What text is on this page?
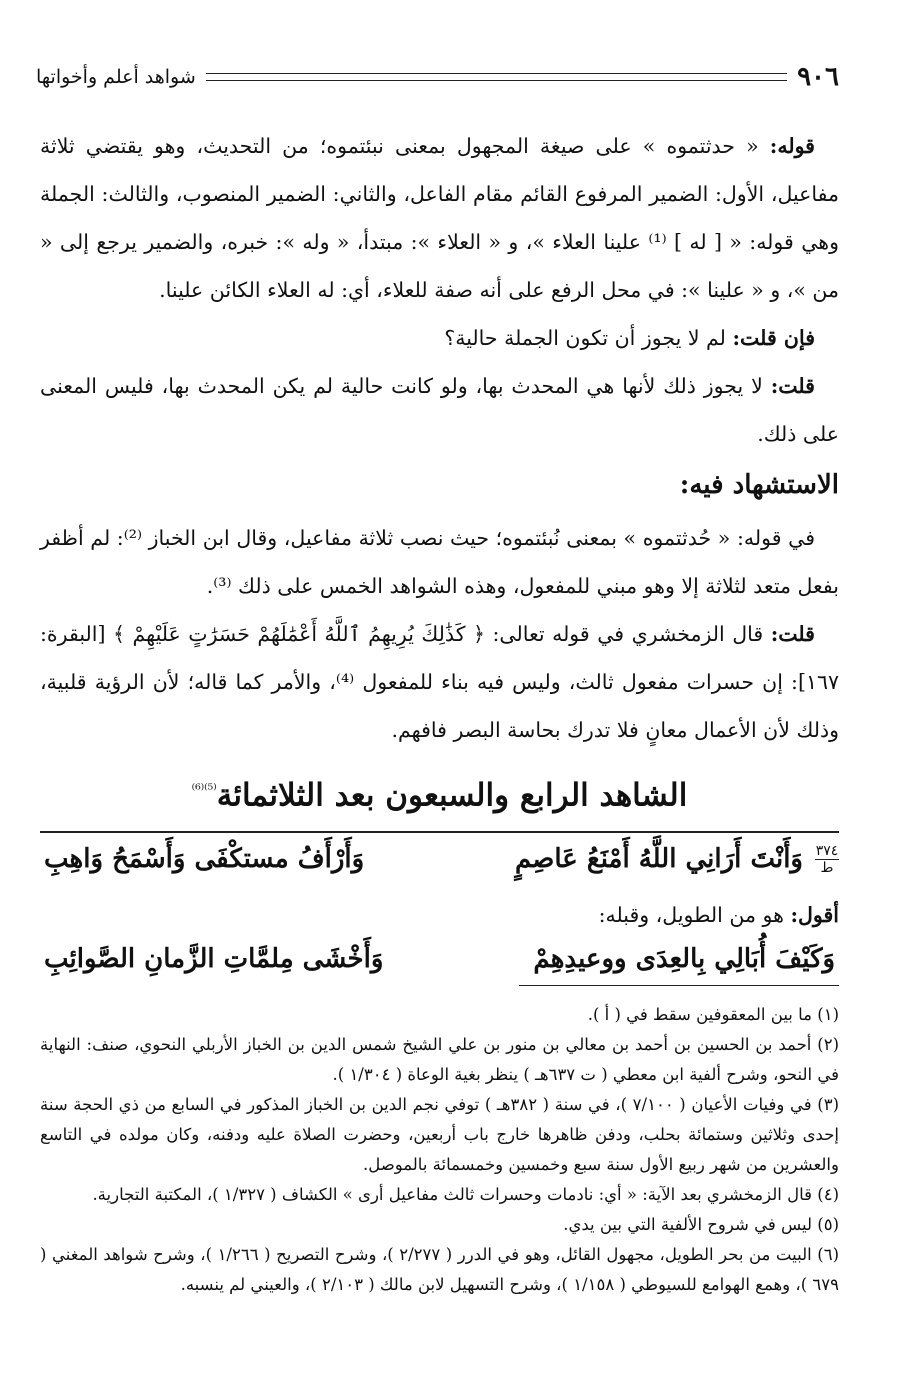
٩٠٦
شواهد أعلم وأخواتها

قوله: « حدثتموه » على صيغة المجهول بمعنى نبئتموه؛ من التحديث، وهو يقتضي ثلاثة مفاعيل، الأول: الضمير المرفوع القائم مقام الفاعل، والثاني: الضمير المنصوب، والثالث: الجملة وهي قوله: « [ له ] ⁽¹⁾ علينا العلاء »، و « العلاء »: مبتدأ، « وله »: خبره، والضمير يرجع إلى « من »، و « علينا »: في محل الرفع على أنه صفة للعلاء، أي: له العلاء الكائن علينا.

فإن قلت: لم لا يجوز أن تكون الجملة حالية؟

قلت: لا يجوز ذلك لأنها هي المحدث بها، ولو كانت حالية لم يكن المحدث بها، فليس المعنى على ذلك.

الاستشهاد فيه:

في قوله: « حُدثتموه » بمعنى نُبئتموه؛ حيث نصب ثلاثة مفاعيل، وقال ابن الخباز ⁽²⁾: لم أظفر بفعل متعد لثلاثة إلا وهو مبني للمفعول، وهذه الشواهد الخمس على ذلك ⁽³⁾.

قلت: قال الزمخشري في قوله تعالى: ﴿ كَذَٰلِكَ يُرِيهِمُ ٱللَّهُ أَعْمَٰلَهُمْ حَسَرَٰتٍ عَلَيْهِمْ ﴾ [البقرة: ١٦٧]: إن حسرات مفعول ثالث، وليس فيه بناء للمفعول ⁽⁴⁾، والأمر كما قاله؛ لأن الرؤية قلبية، وذلك لأن الأعمال معانٍ فلا تدرك بحاسة البصر فافهم.

الشاهد الرابع والسبعون بعد الثلاثمائة$^{^{(5)(6)}}$
٣٧٤
ط
وَأَنْتَ أَرَانِي اللَّهُ أَمْنَعُ عَاصِمٍ
وَأَرْأَفُ مستكْفَى وَأَسْمَحُ وَاهِبِ

أقول: هو من الطويل، وقبله:

وَكَيْفَ أُبَالِي بِالعِدَى ووعيدِهِمْ
وَأَخْشَى مِلمَّاتِ الزَّمانِ الصَّوائِبِ

(١) ما بين المعقوفين سقط في ( أ ).

(٢) أحمد بن الحسين بن أحمد بن معالي بن منور بن علي الشيخ شمس الدين بن الخباز الأربلي النحوي، صنف: النهاية في النحو، وشرح ألفية ابن معطي ( ت ٦٣٧هـ ) ينظر بغية الوعاة ( ١/٣٠٤ ).

(٣) في وفيات الأعيان ( ٧/١٠٠ )، في سنة ( ٣٨٢هـ ) توفي نجم الدين بن الخباز المذكور في السابع من ذي الحجة سنة إحدى وثلاثين وستمائة بحلب، ودفن ظاهرها خارج باب أربعين، وحضرت الصلاة عليه ودفنه، وكان مولده في التاسع والعشرين من شهر ربيع الأول سنة سبع وخمسين وخمسمائة بالموصل.

(٤) قال الزمخشري بعد الآية: « أي: نادمات وحسرات ثالث مفاعيل أرى » الكشاف ( ١/٣٢٧ )، المكتبة التجارية.

(٥) ليس في شروح الألفية التي بين يدي.

(٦) البيت من بحر الطويل، مجهول القائل، وهو في الدرر ( ٢/٢٧٧ )، وشرح التصريح ( ١/٢٦٦ )، وشرح شواهد المغني ( ٦٧٩ )، وهمع الهوامع للسيوطي ( ١/١٥٨ )، وشرح التسهيل لابن مالك ( ٢/١٠٣ )، والعيني لم ينسبه.
